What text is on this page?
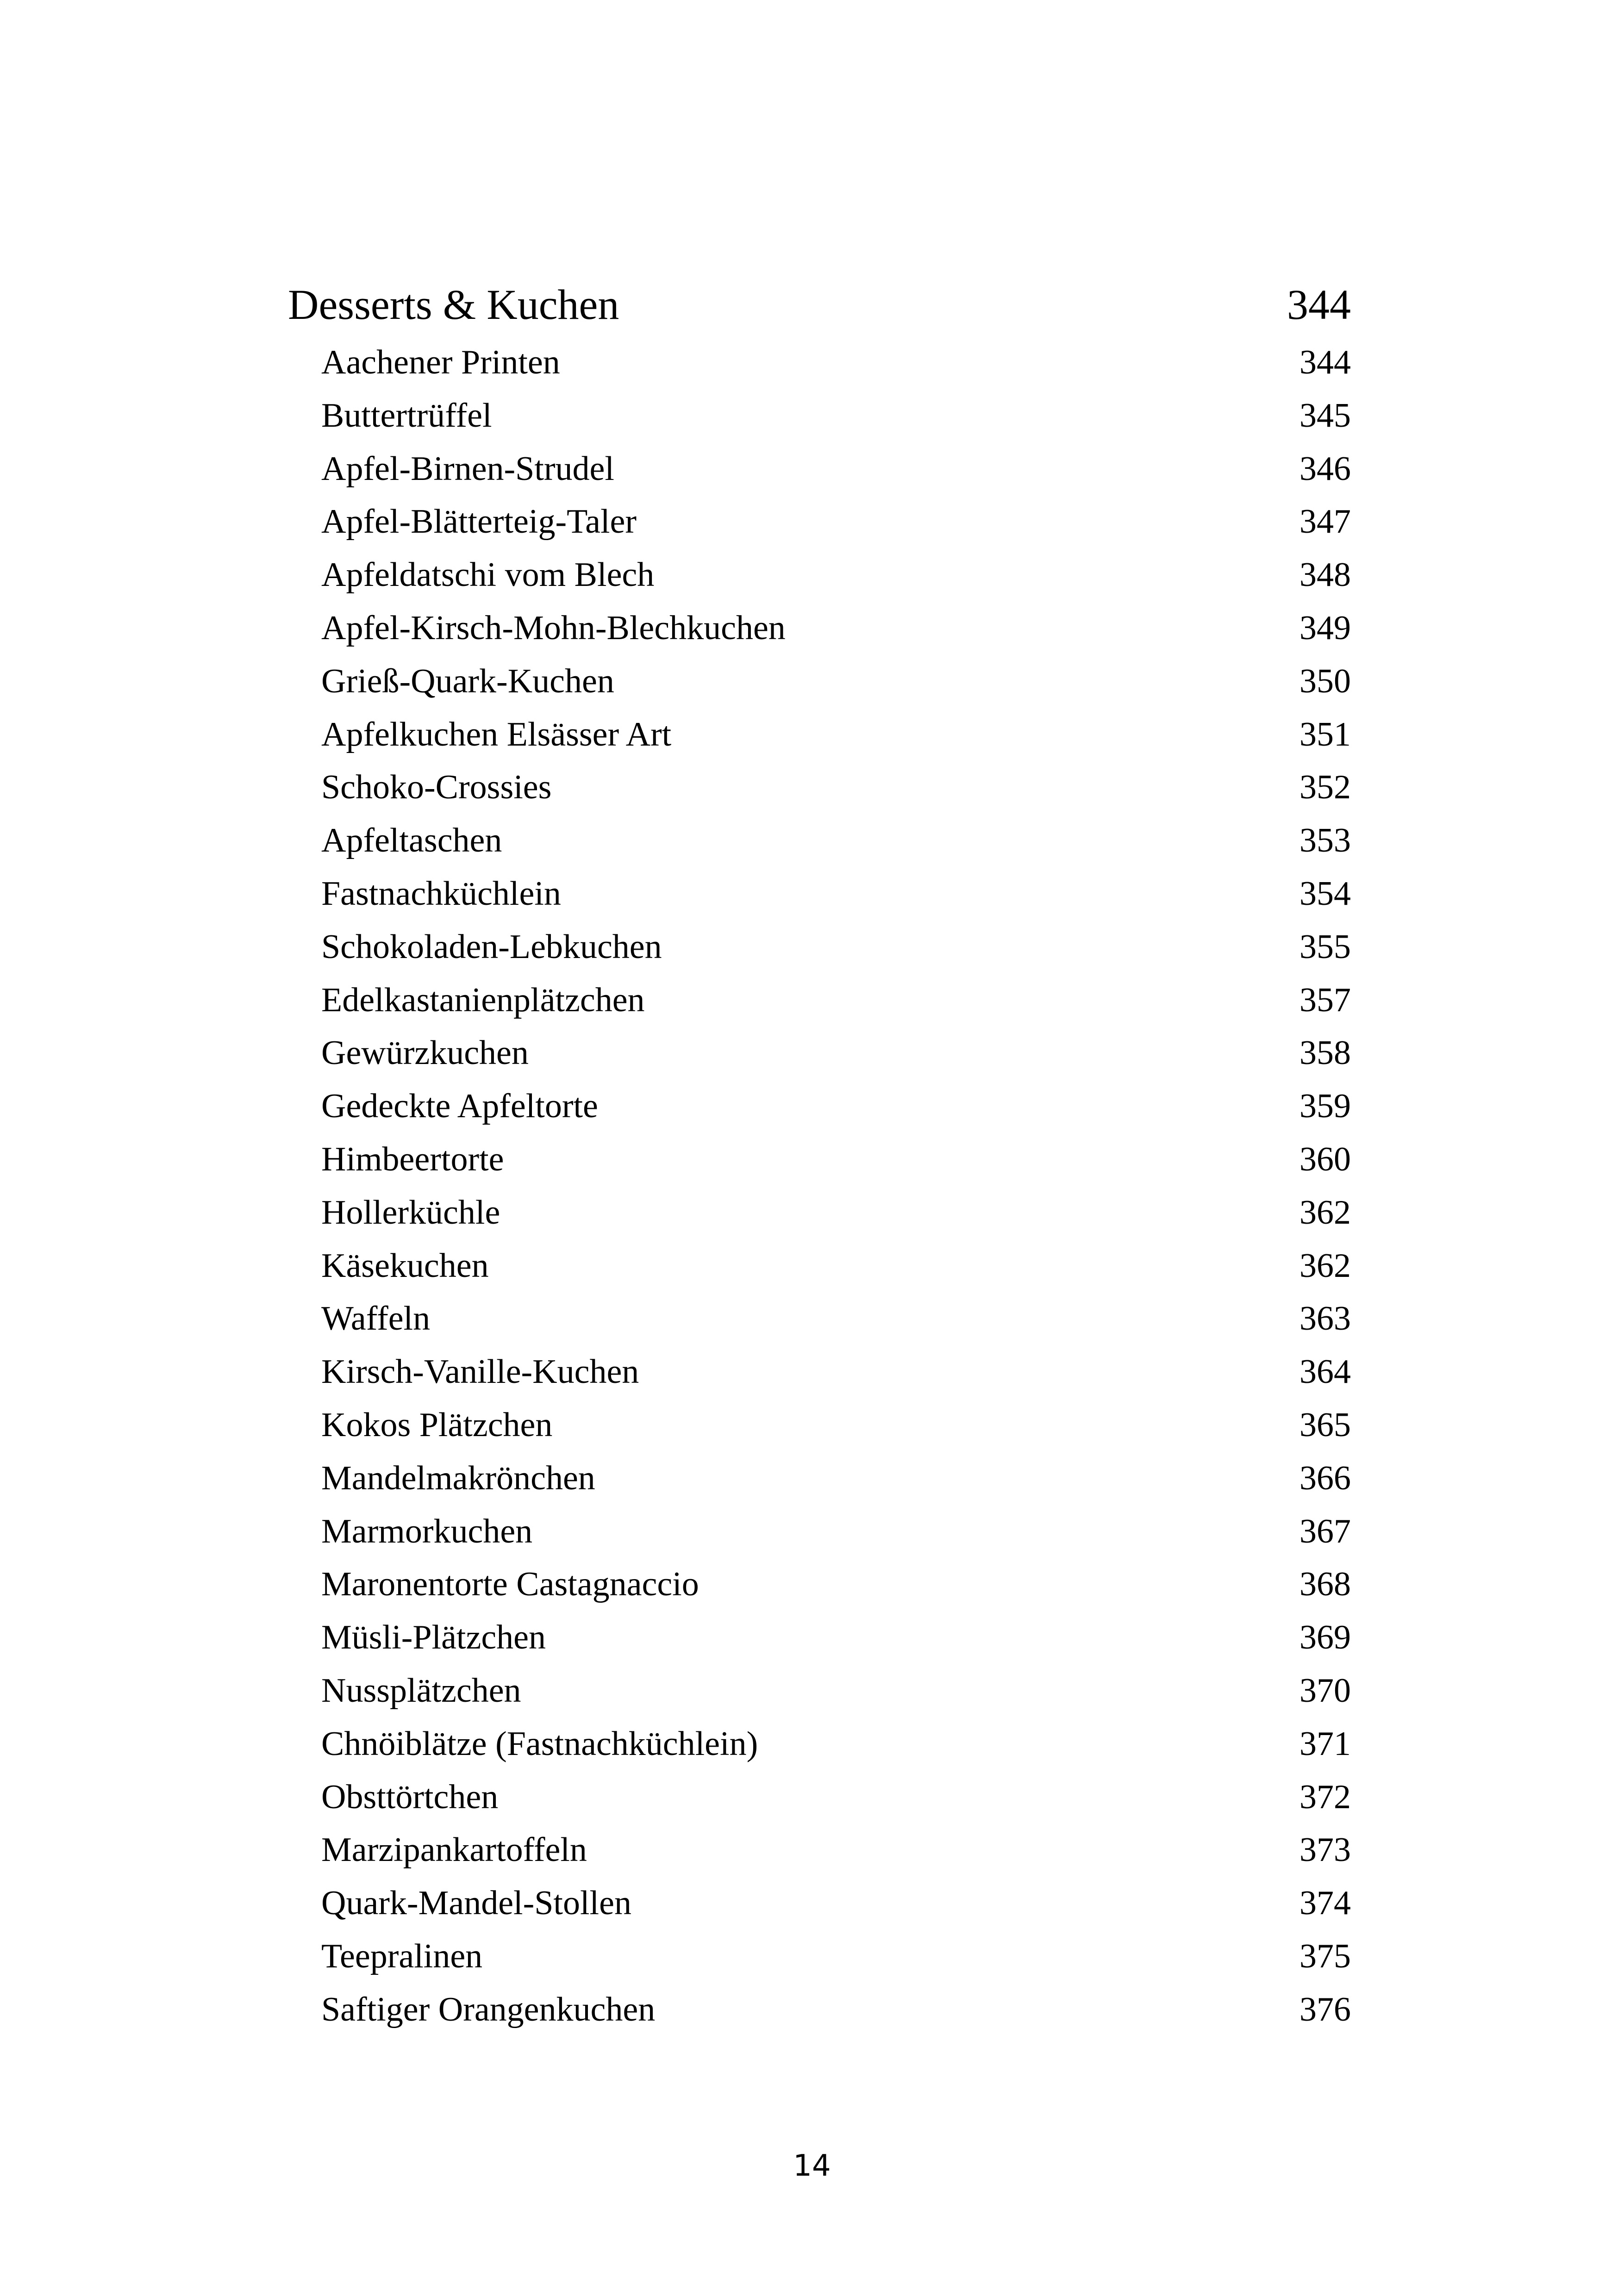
Desserts & Kuchen	344
Aachener Printen	344
Buttertrüffel	345
Apfel-Birnen-Strudel	346
Apfel-Blätterteig-Taler	347
Apfeldatschi vom Blech	348
Apfel-Kirsch-Mohn-Blechkuchen	349
Grieß-Quark-Kuchen	350
Apfelkuchen Elsässer Art	351
Schoko-Crossies	352
Apfeltaschen	353
Fastnachküchlein	354
Schokoladen-Lebkuchen	355
Edelkastanienplätzchen	357
Gewürzkuchen	358
Gedeckte Apfeltorte	359
Himbeertorte	360
Hollerküchle	362
Käsekuchen	362
Waffeln	363
Kirsch-Vanille-Kuchen	364
Kokos Plätzchen	365
Mandelmakrönchen	366
Marmorkuchen	367
Maronentorte Castagnaccio	368
Müsli-Plätzchen	369
Nussplätzchen	370
Chnöiblätze (Fastnachküchlein)	371
Obsttörtchen	372
Marzipankartoffeln	373
Quark-Mandel-Stollen	374
Teepralinen	375
Saftiger Orangenkuchen	376
14
